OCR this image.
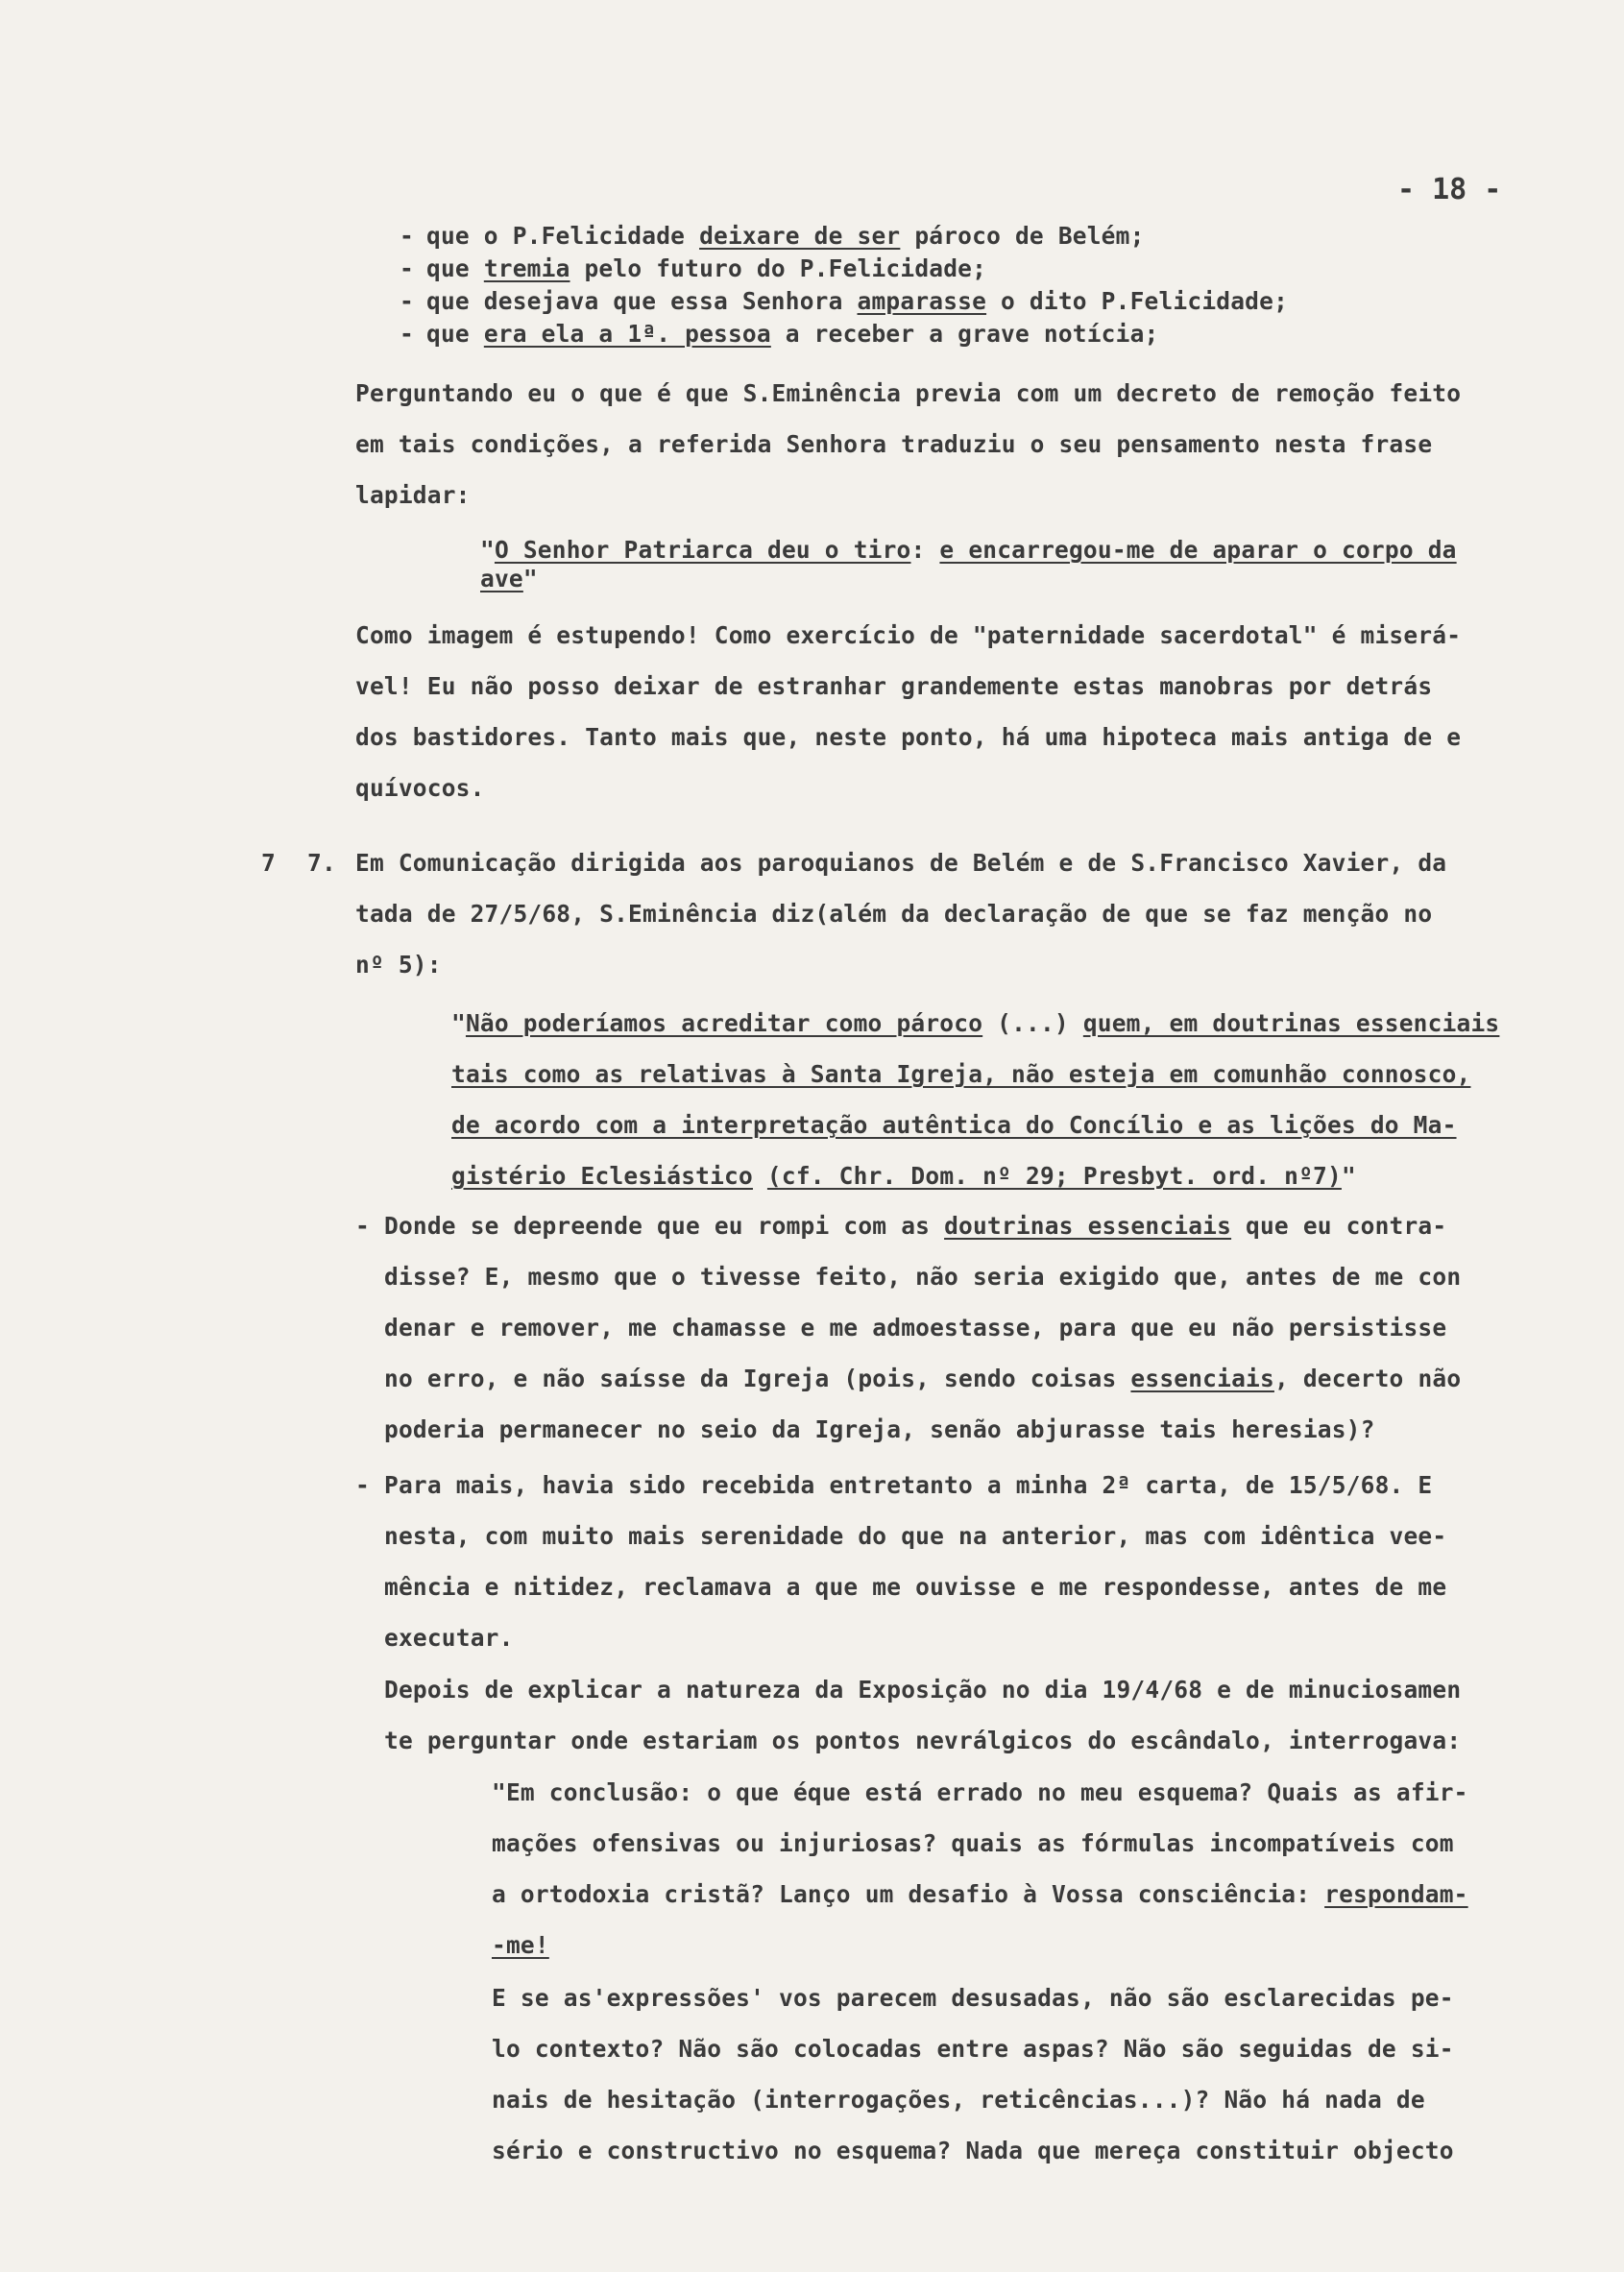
- 18 -
- que o P.Felicidade deixare de ser pároco de Belém;
- que tremia pelo futuro do P.Felicidade;
- que desejava que essa Senhora amparasse o dito P.Felicidade;
- que era ela a 1ª. pessoa a receber a grave notícia;
Perguntando eu o que é que S.Eminência previa com um decreto de remoção feito
em tais condições, a referida Senhora traduziu o seu pensamento nesta frase
lapidar:
"O Senhor Patriarca deu o tiro: e encarregou-me de aparar o corpo da
ave"
Como imagem é estupendo! Como exercício de "paternidade sacerdotal" é miserá-
vel! Eu não posso deixar de estranhar grandemente estas manobras por detrás
dos bastidores. Tanto mais que, neste ponto, há uma hipoteca mais antiga de e
quívocos.
7 7. Em Comunicação dirigida aos paroquianos de Belém e de S.Francisco Xavier, da
tada de 27/5/68, S.Eminência diz(além da declaração de que se faz menção no
nº 5):
"Não poderíamos acreditar como pároco (...) quem, em doutrinas essenciais
tais como as relativas à Santa Igreja, não esteja em comunhão connosco,
de acordo com a interpretação autêntica do Concílio e as lições do Ma-
gistério Eclesiástico (cf. Chr. Dom. nº 29; Presbyt. ord. nº7)"
- Donde se depreende que eu rompi com as doutrinas essenciais que eu contra-
disse? E, mesmo que o tivesse feito, não seria exigido que, antes de me con
denar e remover, me chamasse e me admoestasse, para que eu não persistisse
no erro, e não saísse da Igreja (pois, sendo coisas essenciais, decerto não
poderia permanecer no seio da Igreja, senão abjurasse tais heresias)?
- Para mais, havia sido recebida entretanto a minha 2ª carta, de 15/5/68. E
nesta, com muito mais serenidade do que na anterior, mas com idêntica vee-
mência e nitidez, reclamava a que me ouvisse e me respondesse, antes de me
executar.
Depois de explicar a natureza da Exposição no dia 19/4/68 e de minuciosamen
te perguntar onde estariam os pontos nevrálgicos do escândalo, interrogava:
"Em conclusão: o que éque está errado no meu esquema? Quais as afir-
mações ofensivas ou injuriosas? quais as fórmulas incompatíveis com
a ortodoxia cristã? Lanço um desafio à Vossa consciência: respondam-
-me!
E se as'expressões' vos parecem desusadas, não são esclarecidas pe-
lo contexto? Não são colocadas entre aspas? Não são seguidas de si-
nais de hesitação (interrogações, reticências...)? Não há nada de
sério e constructivo no esquema? Nada que mereça constituir objecto
